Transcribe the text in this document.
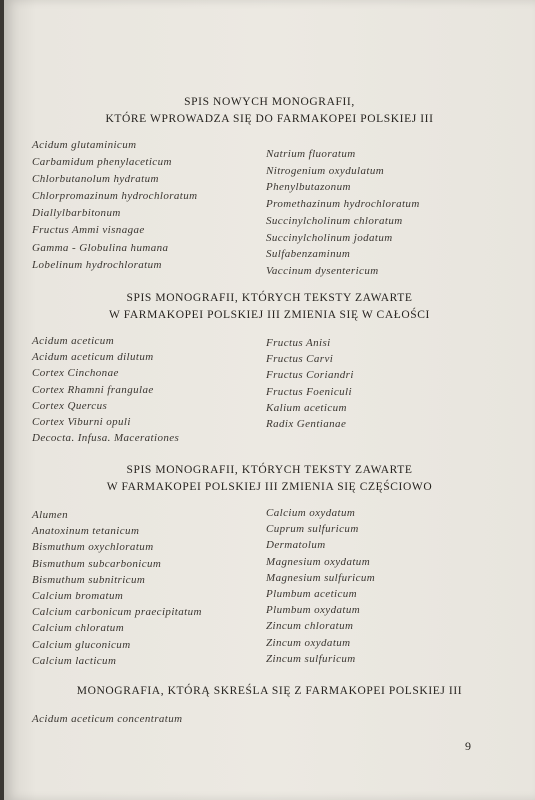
SPIS NOWYCH MONOGRAFII,
KTÓRE WPROWADZA SIĘ DO FARMAKOPEI POLSKIEJ III
Acidum glutaminicum
Carbamidum phenylaceticum
Chlorbutanolum hydratum
Chlorpromazinum hydrochloratum
Diallylbarbitonum
Fructus Ammi visnagae
Gamma - Globulina humana
Lobelinum hydrochloratum
Natrium fluoratum
Nitrogenium oxydulatum
Phenylbutazonum
Promethazinum hydrochloratum
Succinylcholinum chloratum
Succinylcholinum jodatum
Sulfabenzaminum
Vaccinum dysentericum
SPIS MONOGRAFII, KTÓRYCH TEKSTY ZAWARTE
W FARMAKOPEI POLSKIEJ III ZMIENIA SIĘ W CAŁOŚCI
Acidum aceticum
Acidum aceticum dilutum
Cortex Cinchonae
Cortex Rhamni frangulae
Cortex Quercus
Cortex Viburni opuli
Decocta. Infusa. Macerationes
Fructus Anisi
Fructus Carvi
Fructus Coriandri
Fructus Foeniculi
Kalium aceticum
Radix Gentianae
SPIS MONOGRAFII, KTÓRYCH TEKSTY ZAWARTE
W FARMAKOPEI POLSKIEJ III ZMIENIA SIĘ CZĘŚCIOWO
Alumen
Anatoxinum tetanicum
Bismuthum oxychloratum
Bismuthum subcarbonicum
Bismuthum subnitricum
Calcium bromatum
Calcium carbonicum praecipitatum
Calcium chloratum
Calcium gluconicum
Calcium lacticum
Calcium oxydatum
Cuprum sulfuricum
Dermatolum
Magnesium oxydatum
Magnesium sulfuricum
Plumbum aceticum
Plumbum oxydatum
Zincum chloratum
Zincum oxydatum
Zincum sulfuricum
MONOGRAFIA, KTÓRĄ SKREŚLA SIĘ Z FARMAKOPEI POLSKIEJ III
Acidum aceticum concentratum
9
